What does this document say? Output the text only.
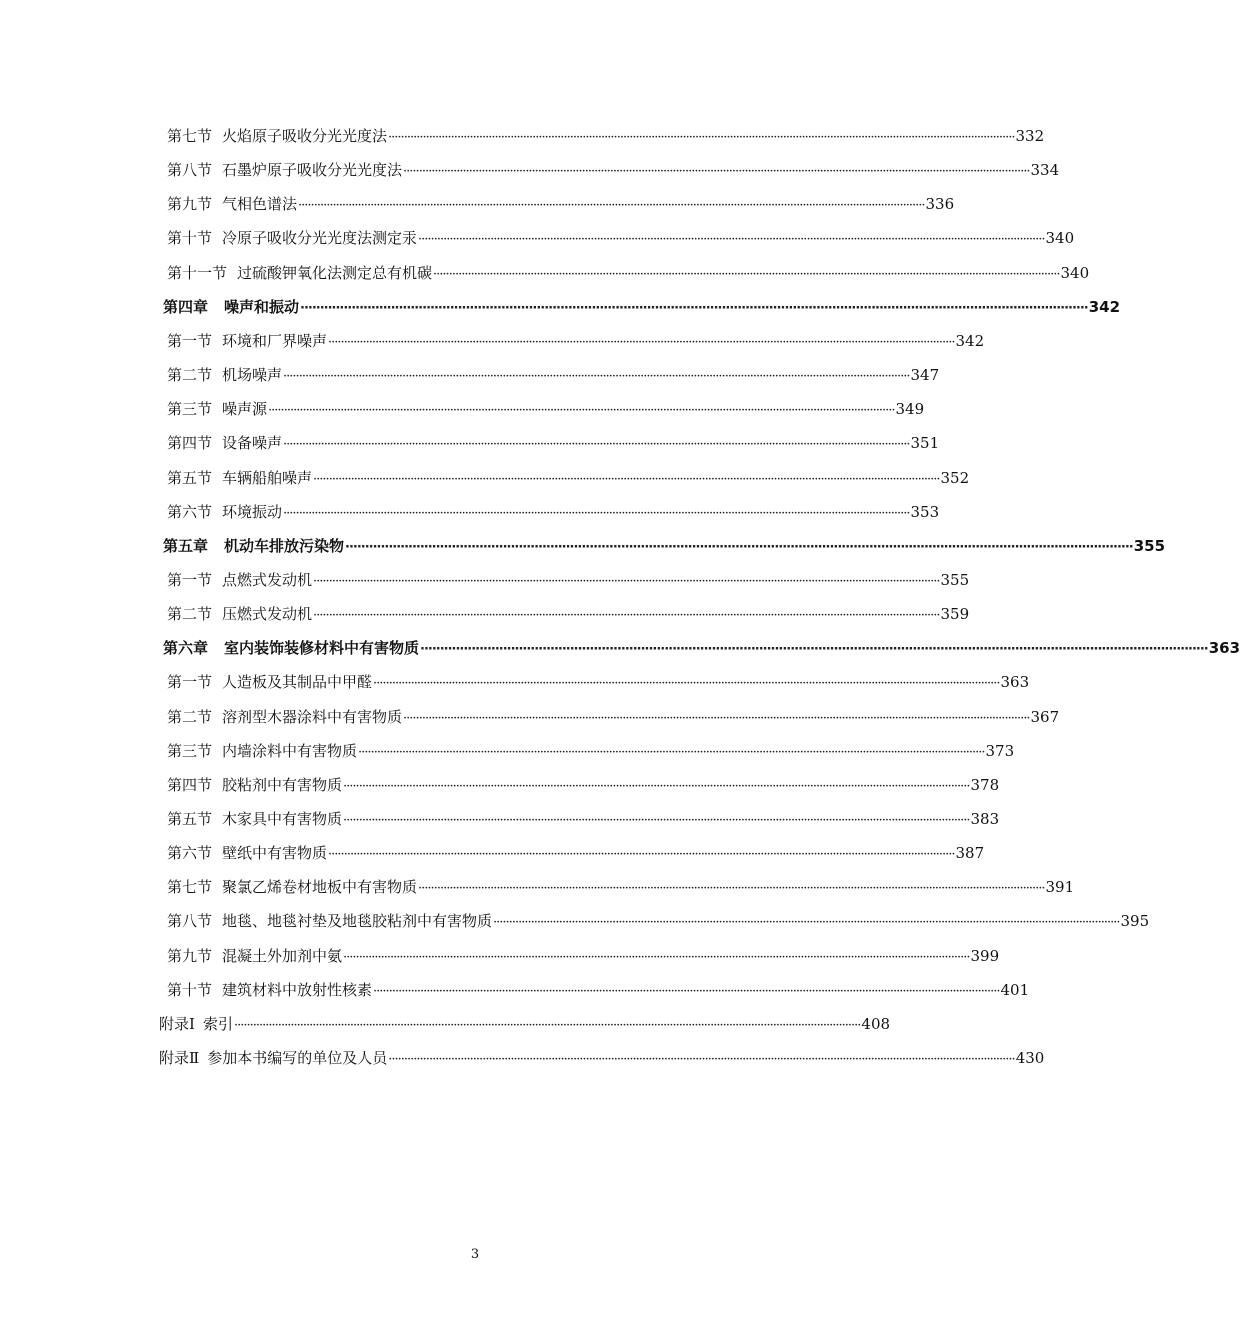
第七节 火焰原子吸收分光光度法 ········································································································································································································ 332
第八节 石墨炉原子吸收分光光度法 ········································································································································································································ 334
第九节 气相色谱法 ········································································································································································································ 336
第十节 冷原子吸收分光光度法测定汞 ········································································································································································································ 340
第十一节 过硫酸钾氧化法测定总有机碳 ········································································································································································································ 340
第四章 噪声和振动 ········································································································································································································ 342
第一节 环境和厂界噪声 ········································································································································································································ 342
第二节 机场噪声 ········································································································································································································ 347
第三节 噪声源 ········································································································································································································ 349
第四节 设备噪声 ········································································································································································································ 351
第五节 车辆船舶噪声 ········································································································································································································ 352
第六节 环境振动 ········································································································································································································ 353
第五章 机动车排放污染物 ········································································································································································································ 355
第一节 点燃式发动机 ········································································································································································································ 355
第二节 压燃式发动机 ········································································································································································································ 359
第六章 室内装饰装修材料中有害物质 ········································································································································································································ 363
第一节 人造板及其制品中甲醛 ········································································································································································································ 363
第二节 溶剂型木器涂料中有害物质 ········································································································································································································ 367
第三节 内墙涂料中有害物质 ········································································································································································································ 373
第四节 胶粘剂中有害物质 ········································································································································································································ 378
第五节 木家具中有害物质 ········································································································································································································ 383
第六节 壁纸中有害物质 ········································································································································································································ 387
第七节 聚氯乙烯卷材地板中有害物质 ········································································································································································································ 391
第八节 地毯、地毯衬垫及地毯胶粘剂中有害物质 ········································································································································································································ 395
第九节 混凝土外加剂中氨 ········································································································································································································ 399
第十节 建筑材料中放射性核素 ········································································································································································································ 401
附录Ⅰ 索引 ········································································································································································································ 408
附录Ⅱ 参加本书编写的单位及人员 ········································································································································································································ 430
3
